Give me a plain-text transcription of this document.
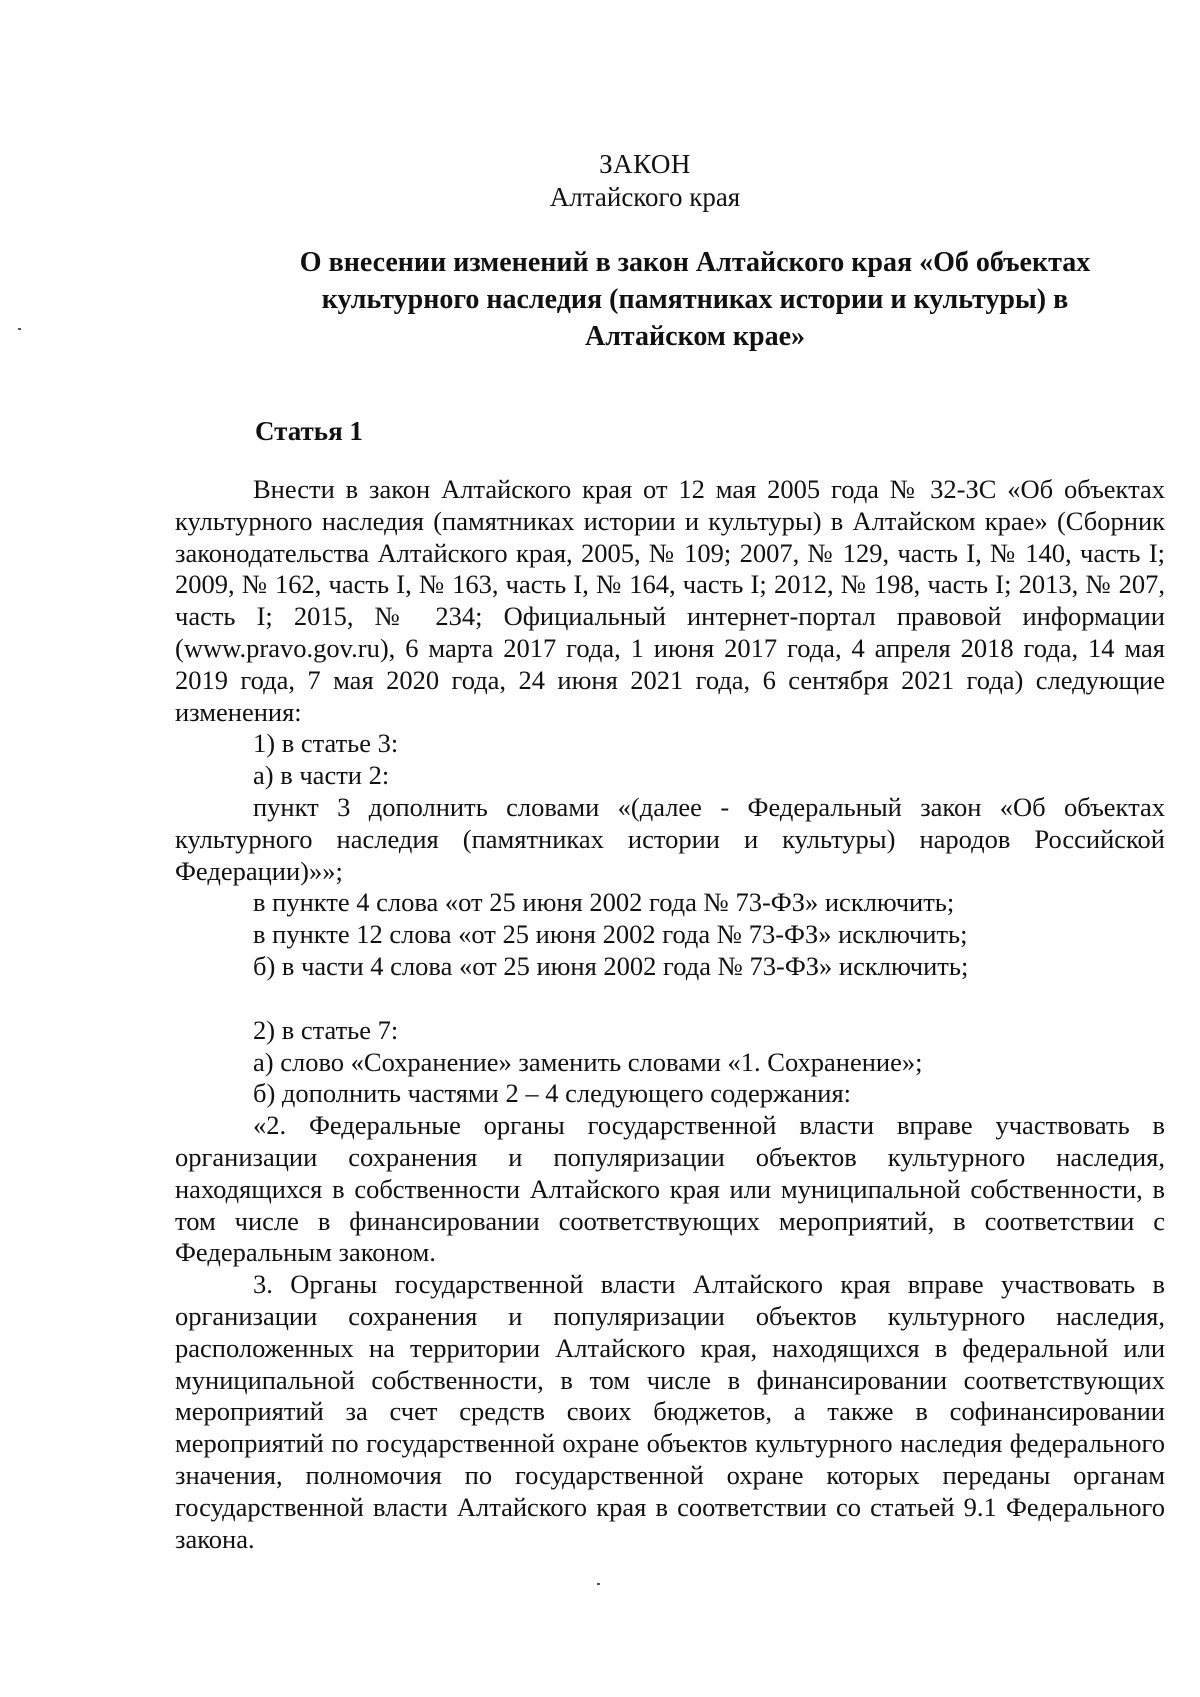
ЗАКОН
Алтайского края
О внесении изменений в закон Алтайского края «Об объектах культурного наследия (памятниках истории и культуры) в Алтайском крае»
Статья 1

Внести в закон Алтайского края от 12 мая 2005 года № 32-ЗС «Об объектах культурного наследия (памятниках истории и культуры) в Алтайском крае» (Сборник законодательства Алтайского края, 2005, № 109; 2007, № 129, часть I, № 140, часть I; 2009, № 162, часть I, № 163, часть I, № 164, часть I; 2012, № 198, часть I; 2013, № 207, часть I; 2015, № 234; Официальный интернет-портал правовой информации (www.pravo.gov.ru), 6 марта 2017 года, 1 июня 2017 года, 4 апреля 2018 года, 14 мая 2019 года, 7 мая 2020 года, 24 июня 2021 года, 6 сентября 2021 года) следующие изменения:

1) в статье 3:

а) в части 2:

пункт 3 дополнить словами «(далее - Федеральный закон «Об объектах культурного наследия (памятниках истории и культуры) народов Российской Федерации)»»;

в пункте 4 слова «от 25 июня 2002 года № 73-ФЗ» исключить;

в пункте 12 слова «от 25 июня 2002 года № 73-ФЗ» исключить;

б) в части 4 слова «от 25 июня 2002 года № 73-ФЗ» исключить;

2) в статье 7:

а) слово «Сохранение» заменить словами «1. Сохранение»;

б) дополнить частями 2 – 4 следующего содержания:

«2. Федеральные органы государственной власти вправе участвовать в организации сохранения и популяризации объектов культурного наследия, находящихся в собственности Алтайского края или муниципальной собственности, в том числе в финансировании соответствующих мероприятий, в соответствии с Федеральным законом.

3. Органы государственной власти Алтайского края вправе участвовать в организации сохранения и популяризации объектов культурного наследия, расположенных на территории Алтайского края, находящихся в федеральной или муниципальной собственности, в том числе в финансировании соответствующих мероприятий за счет средств своих бюджетов, а также в софинансировании мероприятий по государственной охране объектов культурного наследия федерального значения, полномочия по государственной охране которых переданы органам государственной власти Алтайского края в соответствии со статьей 9.1 Федерального закона.
